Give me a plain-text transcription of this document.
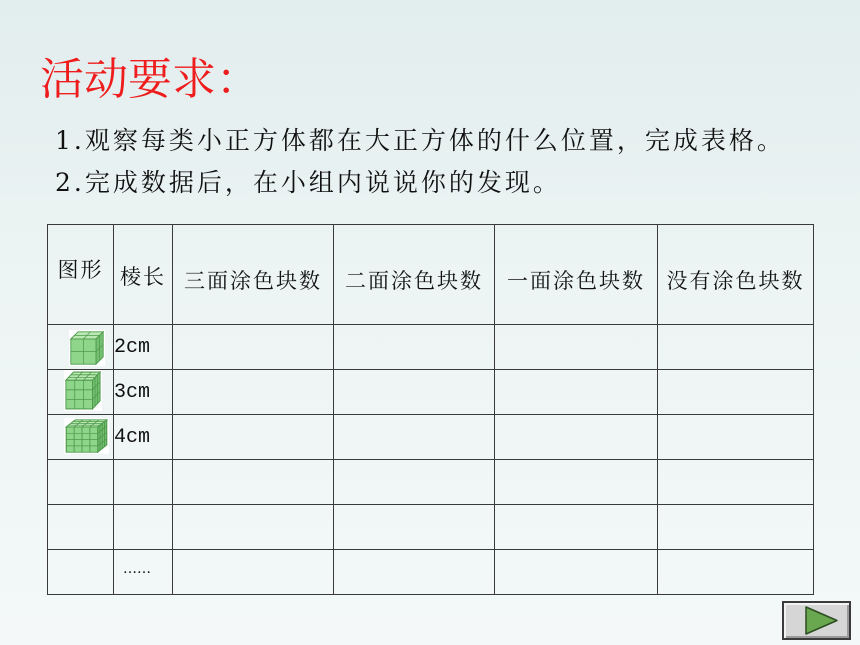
活动要求：
1.观察每类小正方体都在大正方体的什么位置，完成表格。
2.完成数据后，在小组内说说你的发现。
图形	棱长	三面涂色块数	二面涂色块数	一面涂色块数	没有涂色块数

	2cm				

	3cm				

	4cm				

	……				
